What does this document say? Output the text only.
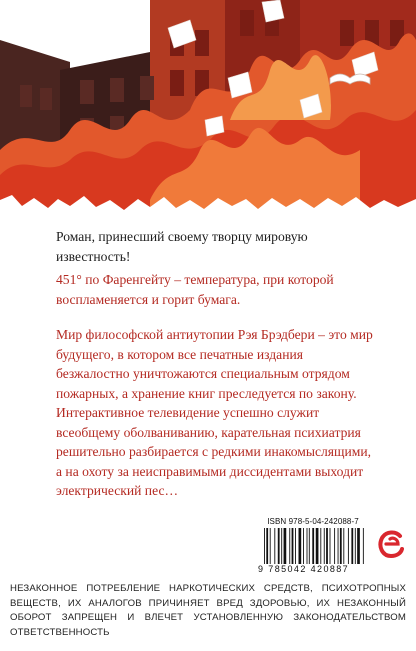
Роман, принесший своему творцу мировую известность!

451° по Фаренгейту – температура, при которой воспламеняется и горит бумага.

Мир философской антиутопии Рэя Брэдбери – это мир будущего, в котором все печатные издания безжалостно уничтожаются специальным отрядом пожарных, а хранение книг преследуется по закону. Интерактивное телевидение успешно служит всеобщему оболваниванию, карательная психиатрия решительно разбирается с редкими инакомыслящими, а на охоту за неисправимыми диссидентами выходит электрический пес…

ISBN 978-5-04-242088-7
9 785042 420887

НЕЗАКОННОЕ ПОТРЕБЛЕНИЕ НАРКОТИЧЕСКИХ СРЕДСТВ, ПСИХОТРОПНЫХ ВЕЩЕСТВ, ИХ АНАЛОГОВ ПРИЧИНЯЕТ ВРЕД ЗДОРОВЬЮ, ИХ НЕЗАКОННЫЙ ОБОРОТ ЗАПРЕЩЕН И ВЛЕЧЕТ УСТАНОВЛЕННУЮ ЗАКОНОДАТЕЛЬСТВОМ ОТВЕТСТВЕННОСТЬ
